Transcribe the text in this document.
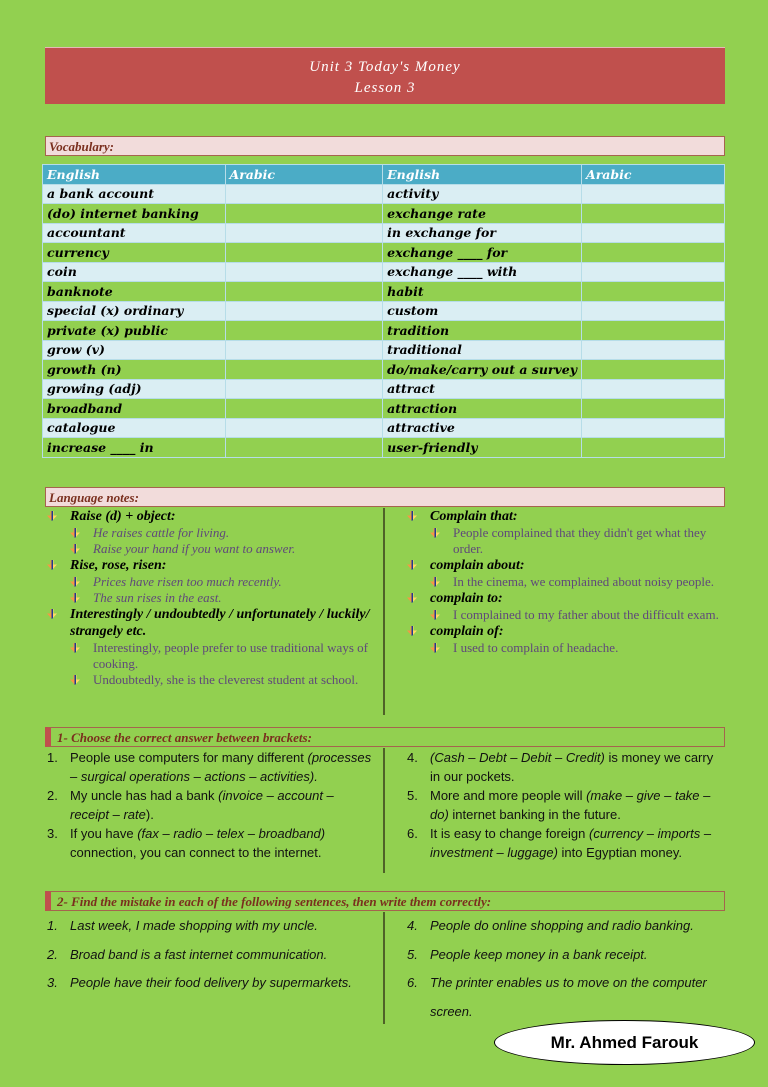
Unit 3 Today's Money
Lesson 3
Vocabulary:
English	Arabic	English	Arabic
a bank account		activity	
(do) internet banking		exchange rate	
accountant		in exchange for	
currency		exchange ____ for	
coin		exchange ____ with	
banknote		habit	
special (x) ordinary		custom	
private (x) public		tradition	
grow (v)		traditional	
growth (n)		do/make/carry out a survey	
growing (adj)		attract	
broadband		attraction	
catalogue		attractive	
increase ____ in		user-friendly	
Language notes:
Raise (d) + object:
He raises cattle for living.
Raise your hand if you want to answer.
Rise, rose, risen:
Prices have risen too much recently.
The sun rises in the east.
Interestingly / undoubtedly / unfortunately / luckily/ strangely etc.
Interestingly, people prefer to use traditional ways of cooking.
Undoubtedly, she is the cleverest student at school.
Complain that:
People complained that they didn't get what they order.
complain about:
In the cinema, we complained about noisy people.
complain to:
I complained to my father about the difficult exam.
complain of:
I used to complain of headache.
1- Choose the correct answer between brackets:
1. People use computers for many different (processes – surgical operations – actions – activities).
2. My uncle has had a bank (invoice – account – receipt – rate).
3. If you have (fax – radio – telex – broadband) connection, you can connect to the internet.
4. (Cash – Debt – Debit – Credit) is money we carry in our pockets.
5. More and more people will (make – give – take – do) internet banking in the future.
6. It is easy to change foreign (currency – imports – investment – luggage) into Egyptian money.
2- Find the mistake in each of the following sentences, then write them correctly:
1. Last week, I made shopping with my uncle.
2. Broad band is a fast internet communication.
3. People have their food delivery by supermarkets.
4. People do online shopping and radio banking.
5. People keep money in a bank receipt.
6. The printer enables us to move on the computer screen.
Mr. Ahmed Farouk
